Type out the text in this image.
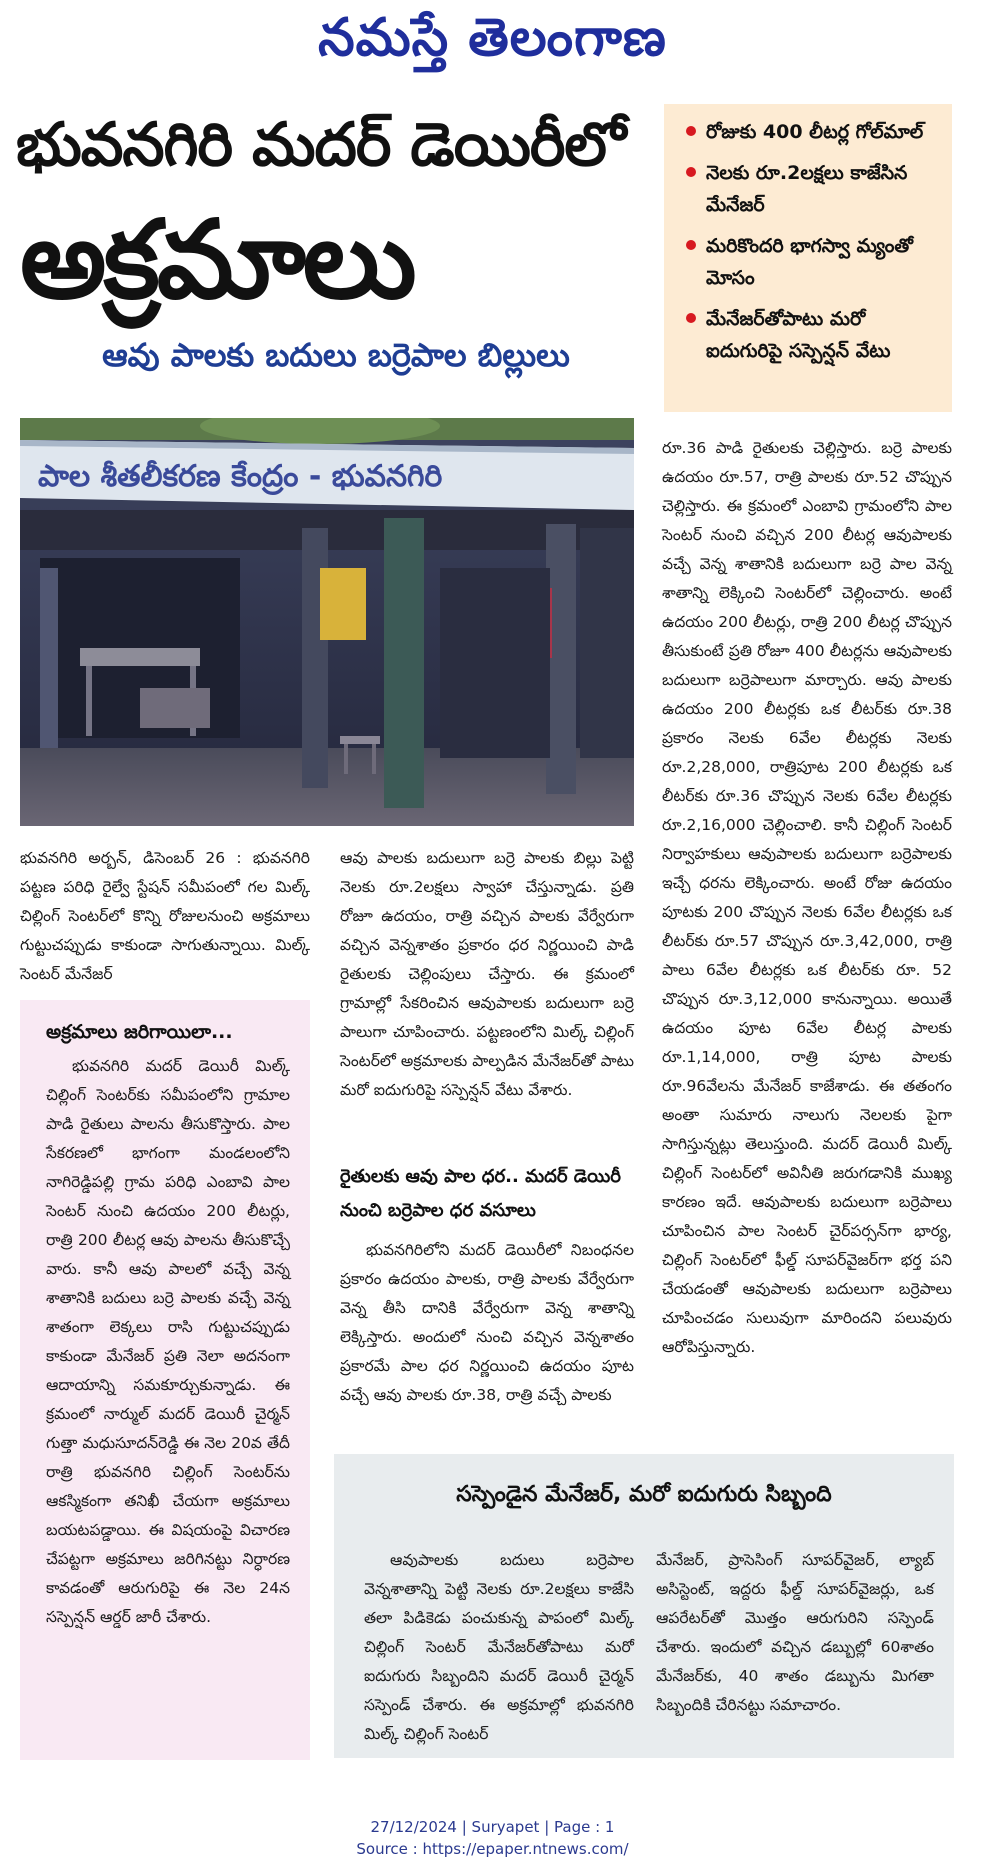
నమస్తే తెలంగాణ
భువనగిరి మదర్ డెయిరీలో
అక్రమాలు
ఆవు పాలకు బదులు బర్రెపాల బిల్లులు
రోజుకు 400 లీటర్ల గోల్‌మాల్
నెలకు రూ.2లక్షలు కాజేసిన మేనేజర్
మరికొందరి భాగస్వా మ్యంతో మోసం
మేనేజర్‌తోపాటు మరో ఐదుగురిపై సస్పెన్షన్ వేటు
పాల శీతలీకరణ కేంద్రం - భువనగిరి

రూ.36 పాడి రైతులకు చెల్లిస్తారు. బర్రె పాలకు ఉదయం రూ.57, రాత్రి పాలకు రూ.52 చొప్పున చెల్లిస్తారు. ఈ క్రమంలో ఎంబావి గ్రామంలోని పాల సెంటర్ నుంచి వచ్చిన 200 లీటర్ల ఆవుపాలకు వచ్చే వెన్న శాతానికి బదులుగా బర్రె పాల వెన్న శాతాన్ని లెక్కించి సెంటర్‌లో చెల్లించారు. అంటే ఉదయం 200 లీటర్లు, రాత్రి 200 లీటర్ల చొప్పున తీసుకుంటే ప్రతి రోజూ 400 లీటర్లను ఆవుపాలకు బదులుగా బర్రెపాలుగా మార్చారు. ఆవు పాలకు ఉదయం 200 లీటర్లకు ఒక లీటర్‌కు రూ.38 ప్రకారం నెలకు 6వేల లీటర్లకు నెలకు రూ.2,28,000, రాత్రిపూట 200 లీటర్లకు ఒక లీటర్‌కు రూ.36 చొప్పున నెలకు 6వేల లీటర్లకు రూ.2,16,000 చెల్లించాలి. కానీ చిల్లింగ్ సెంటర్ నిర్వాహకులు ఆవుపాలకు బదులుగా బర్రెపాలకు ఇచ్చే ధరను లెక్కించారు. అంటే రోజు ఉదయం పూటకు 200 చొప్పున నెలకు 6వేల లీటర్లకు ఒక లీటర్‌కు రూ.57 చొప్పున రూ.3,42,000, రాత్రి పాలు 6వేల లీటర్లకు ఒక లీటర్‌కు రూ. 52 చొప్పున రూ.3,12,000 కానున్నాయి. అయితే ఉదయం పూట 6వేల లీటర్ల పాలకు రూ.1,14,000, రాత్రి పూట పాలకు రూ.96వేలను మేనేజర్ కాజేశాడు. ఈ తతంగం అంతా సుమారు నాలుగు నెలలకు పైగా సాగిస్తున్నట్లు తెలుస్తుంది. మదర్ డెయిరీ మిల్క్ చిల్లింగ్ సెంటర్‌లో అవినీతి జరుగడానికి ముఖ్య కారణం ఇదే. ఆవుపాలకు బదులుగా బర్రెపాలు చూపించిన పాల సెంటర్ చైర్‌పర్సన్‌గా భార్య, చిల్లింగ్ సెంటర్‌లో ఫీల్డ్ సూపర్‌వైజర్‌గా భర్త పని చేయడంతో ఆవుపాలకు బదులుగా బర్రెపాలు చూపించడం సులువుగా మారిందని పలువురు ఆరోపిస్తున్నారు.

భువనగిరి అర్బన్, డిసెంబర్ 26 : భువనగిరి పట్టణ పరిధి రైల్వే స్టేషన్ సమీపంలో గల మిల్క్ చిల్లింగ్ సెంటర్‌లో కొన్ని రోజులనుంచి అక్రమాలు గుట్టుచప్పుడు కాకుండా సాగుతున్నాయి. మిల్క్ సెంటర్ మేనేజర్

ఆవు పాలకు బదులుగా బర్రె పాలకు బిల్లు పెట్టి నెలకు రూ.2లక్షలు స్వాహా చేస్తున్నాడు. ప్రతి రోజూ ఉదయం, రాత్రి వచ్చిన పాలకు వేర్వేరుగా వచ్చిన వెన్నశాతం ప్రకారం ధర నిర్ణయించి పాడి రైతులకు చెల్లింపులు చేస్తారు. ఈ క్రమంలో గ్రామాల్లో సేకరించిన ఆవుపాలకు బదులుగా బర్రె పాలుగా చూపించారు. పట్టణంలోని మిల్క్ చిల్లింగ్ సెంటర్‌లో అక్రమాలకు పాల్పడిన మేనేజర్‌తో పాటు మరో ఐదుగురిపై సస్పెన్షన్ వేటు వేశారు.

రైతులకు ఆవు పాల ధర.. మదర్ డెయిరీ నుంచి బర్రెపాల ధర వసూలు

భువనగిరిలోని మదర్ డెయిరీలో నిబంధనల ప్రకారం ఉదయం పాలకు, రాత్రి పాలకు వేర్వేరుగా వెన్న తీసి దానికి వేర్వేరుగా వెన్న శాతాన్ని లెక్కిస్తారు. అందులో నుంచి వచ్చిన వెన్నశాతం ప్రకారమే పాల ధర నిర్ణయించి ఉదయం పూట వచ్చే ఆవు పాలకు రూ.38, రాత్రి వచ్చే పాలకు

అక్రమాలు జరిగాయిలా...

భువనగిరి మదర్ డెయిరీ మిల్క్ చిల్లింగ్ సెంటర్‌కు సమీపంలోని గ్రామాల పాడి రైతులు పాలను తీసుకొస్తారు. పాల సేకరణలో భాగంగా మండలంలోని నాగిరెడ్డిపల్లి గ్రామ పరిధి ఎంబావి పాల సెంటర్ నుంచి ఉదయం 200 లీటర్లు, రాత్రి 200 లీటర్ల ఆవు పాలను తీసుకొచ్చే వారు. కానీ ఆవు పాలలో వచ్చే వెన్న శాతానికి బదులు బర్రె పాలకు వచ్చే వెన్న శాతంగా లెక్కలు రాసి గుట్టుచప్పుడు కాకుండా మేనేజర్ ప్రతి నెలా అదనంగా ఆదాయాన్ని సమకూర్చుకున్నాడు. ఈ క్రమంలో నార్ముల్ మదర్ డెయిరీ చైర్మన్ గుత్తా మధుసూదన్‌రెడ్డి ఈ నెల 20వ తేదీ రాత్రి భువనగిరి చిల్లింగ్ సెంటర్‌ను ఆకస్మికంగా తనిఖీ చేయగా అక్రమాలు బయటపడ్డాయి. ఈ విషయంపై విచారణ చేపట్టగా అక్రమాలు జరిగినట్టు నిర్ధారణ కావడంతో ఆరుగురిపై ఈ నెల 24న సస్పెన్షన్ ఆర్డర్ జారీ చేశారు.

సస్పెండైన మేనేజర్, మరో ఐదుగురు సిబ్బంది

ఆవుపాలకు బదులు బర్రెపాల వెన్నశాతాన్ని పెట్టి నెలకు రూ.2లక్షలు కాజేసి తలా పిడికెడు పంచుకున్న పాపంలో మిల్క్ చిల్లింగ్ సెంటర్ మేనేజర్‌తోపాటు మరో ఐదుగురు సిబ్బందిని మదర్ డెయిరీ చైర్మన్ సస్పెండ్ చేశారు. ఈ అక్రమాల్లో భువనగిరి మిల్క్ చిల్లింగ్ సెంటర్

మేనేజర్, ప్రాసెసింగ్ సూపర్‌వైజర్, ల్యాబ్ అసిస్టెంట్, ఇద్దరు ఫీల్డ్ సూపర్‌వైజర్లు, ఒక ఆపరేటర్‌తో మొత్తం ఆరుగురిని సస్పెండ్ చేశారు. ఇందులో వచ్చిన డబ్బుల్లో 60శాతం మేనేజర్‌కు, 40 శాతం డబ్బును మిగతా సిబ్బందికి చేరినట్టు సమాచారం.

27/12/2024 | Suryapet | Page : 1
Source : https://epaper.ntnews.com/
